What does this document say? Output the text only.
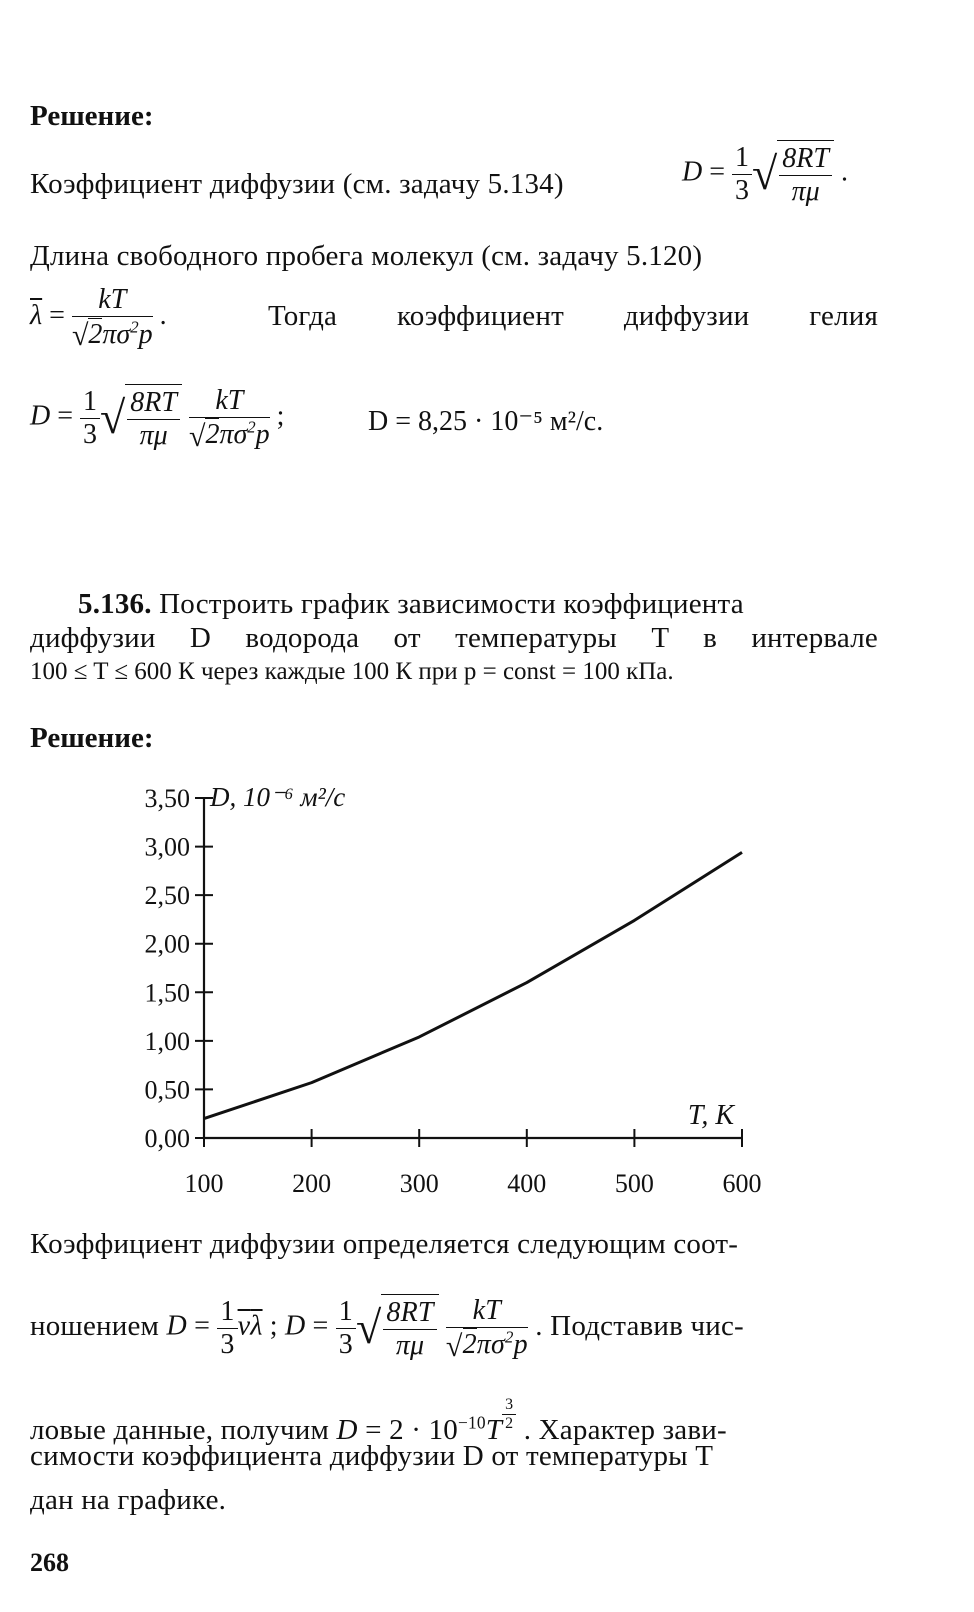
Решение:
Коэффициент диффузии (см. задачу 5.134)	$D = \frac{1}{3}$ √ $\frac{8RT}{\pi\mu}$ .
Длина свободного пробега молекул (см. задачу 5.120)
$\overline{\lambda} = \frac{kT}{√2\pi\sigma^2p}$ .	Тогда коэффициент диффузии гелия
$D = \frac{1}{3}$ √ $\frac{8RT}{\pi\mu}$
$\frac{kT}{√2\pi\sigma^2p}$ ;	D = 8,25 · 10⁻⁵ м²/с.
5.136. Построить график зависимости коэффициента
диффузии D водорода от температуры T в интервале
100 ≤ T ≤ 600 К через каждые 100 К при p = const = 100 кПа.
Решение:
0,00
0,50
1,00
1,50
2,00
2,50
3,00
3,50
100	200	300	400	500	600
D, 10⁻⁶ м²/с
T, К
Коэффициент диффузии определяется следующим соот-
ношением $D = \frac{1}{3} \overline{v}\overline{\lambda}$ ; $D = \frac{1}{3}$ √ $\frac{8RT}{\pi\mu}$
$\frac{kT}{√2\pi\sigma^2p}$ . Подставив чис-
ловые данные, получим $D = 2 \cdot 10^{-10}T$ $^{\frac{3}{2}}$ . Характер зави-
симости коэффициента диффузии D от температуры T
дан на графике.
268
